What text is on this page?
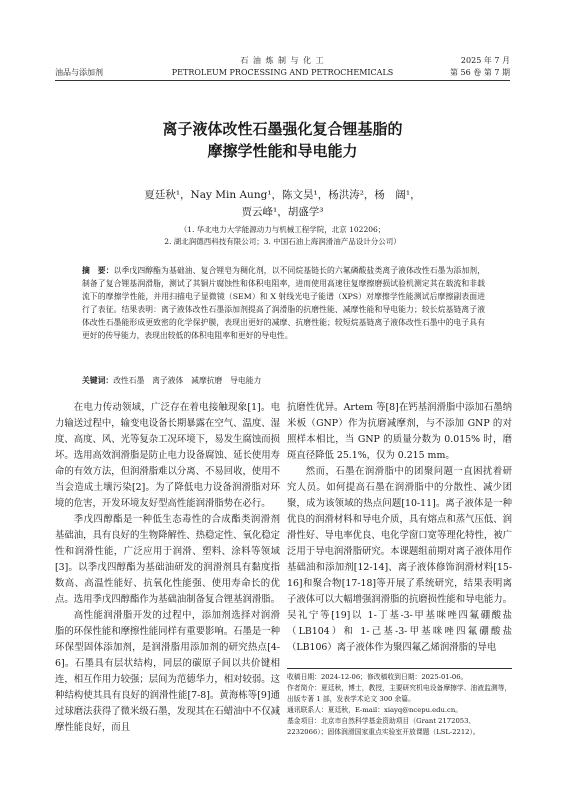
石 油 炼 制 与 化 工	2025 年 7 月
油品与添加剂	PETROLEUM PROCESSING AND PETROCHEMICALS	第 56 卷 第 7 期
离子液体改性石墨强化复合锂基脂的
摩擦学性能和导电能力
夏廷秋¹，Nay Min Aung¹，陈文昊¹，杨洪涛²，杨　阔¹，
贾云峰¹，胡盛学³
（1. 华北电力大学能源动力与机械工程学院，北京 102206；
2. 湖北润德西科技有限公司；3. 中国石油上海润滑油产品设计分公司）
摘　要：以季戊四醇酯为基础油、复合锂皂为稠化剂，以不同烷基链长的六氟磷酸盐类离子液体改性石墨为添加剂，制备了复合锂基润滑脂，测试了其铜片腐蚀性和体积电阻率，进而使用高速往复摩擦磨损试验机测定其在载流和非载流下的摩擦学性能，并用扫描电子显微镜（SEM）和 X 射线光电子能谱（XPS）对摩擦学性能测试后摩擦副表面进行了表征。结果表明：离子液体改性石墨添加剂提高了润滑脂的抗磨性能、减摩性能和导电能力；较长烷基链离子液体改性石墨能形成更致密的化学保护膜，表现出更好的减摩、抗磨性能；较短烷基链离子液体改性石墨中的电子具有更好的传导能力，表现出较低的体积电阻率和更好的导电性。
关键词：改性石墨　离子液体　减摩抗磨　导电能力

在电力传动领域，广泛存在着电接触现象[1]。电力输送过程中，输变电设备长期暴露在空气、温度、湿度、高度、风、光等复杂工况环境下，易发生腐蚀而损坏。选用高效润滑脂是防止电力设备腐蚀、延长使用寿命的有效方法，但润滑脂难以分离、不易回收，使用不当会造成土壤污染[2]。为了降低电力设备润滑脂对环境的危害，开发环境友好型高性能润滑脂势在必行。

季戊四醇酯是一种低生态毒性的合成酯类润滑剂基础油，具有良好的生物降解性、热稳定性、氧化稳定性和润滑性能，广泛应用于润滑、塑料、涂料等领域[3]。以季戊四醇酯为基础油研发的润滑剂具有黏度指数高、高温性能好、抗氧化性能强、使用寿命长的优点。选用季戊四醇酯作为基础油制备复合锂基润滑脂。

高性能润滑脂开发的过程中，添加剂选择对润滑脂的环保性能和摩擦性能同样有重要影响。石墨是一种环保型固体添加剂，是润滑脂用添加剂的研究热点[4-6]。石墨具有层状结构，同层的碳原子间以共价键相连，相互作用力较强；层间为范德华力，相对较弱。这种结构使其具有良好的润滑性能[7-8]。黄海栋等[9]通过球磨法获得了微米级石墨，发现其在石蜡油中不仅减摩性能良好，而且

抗磨性优异。Artem 等[8]在钙基润滑脂中添加石墨纳米板（GNP）作为抗磨减摩剂，与不添加 GNP 的对照样本相比，当 GNP 的质量分数为 0.015% 时，磨斑直径降低 25.1%，仅为 0.215 mm。

然而，石墨在润滑脂中的团聚问题一直困扰着研究人员。如何提高石墨在润滑脂中的分散性、减少团聚，成为该领域的热点问题[10-11]。离子液体是一种优良的润滑材料和导电介质，具有熔点和蒸气压低、润滑性好、导电率优良、电化学窗口宽等理化特性，被广泛用于导电润滑脂研究。本课题组前期对离子液体用作基础油和添加剂[12-14]、离子液体修饰润滑材料[15-16]和聚合物[17-18]等开展了系统研究，结果表明离子液体可以大幅增强润滑脂的抗磨损性能和导电能力。吴礼宁等[19]以 1-丁基-3-甲基咪唑四氟硼酸盐（LB104）和 1-己基-3-甲基咪唑四氟硼酸盐（LB106）离子液体作为聚四氟乙烯润滑脂的导电

收稿日期：2024-12-06；修改稿收到日期：2025-01-06。
作者简介：夏廷秋，博士，教授，主要研究机电设备摩擦学、油液监测等，出版专著 1 部，发表学术论文 300 余篇。
通讯联系人：夏廷秋，E-mail：xiayq@ncepu.edu.cn。
基金项目：北京市自然科学基金资助项目（Grant 2172053、2232066）；固体润滑国家重点实验室开放课题（LSL-2212）。
